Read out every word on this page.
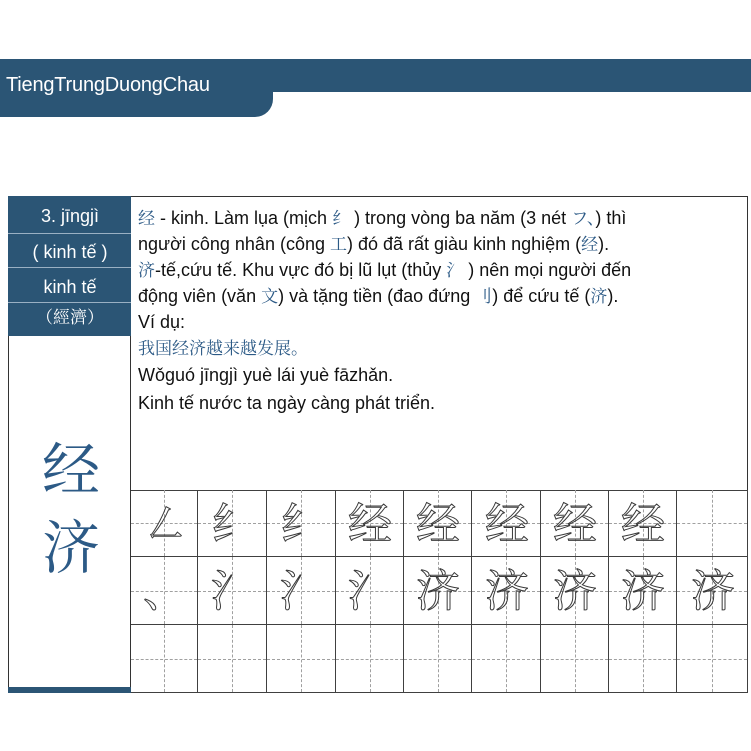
TiengTrungDuongChau
3. jīngjì
( kinh tế )
kinh tế
（經濟）
经
济
经 - kinh. Làm lụa (mịch 纟 ) trong vòng ba năm (3 nét フ、) thì
người công nhân (công 工) đó đã rất giàu kinh nghiệm (经).
济-tế,cứu tế. Khu vực đó bị lũ lụt (thủy 氵 ) nên mọi người đến
động viên (văn 文) và tặng tiền (đao đứng 刂) để cứu tế (济).
Ví dụ:
我国经济越来越发展。
Wǒguó jīngjì yuè lái yuè fāzhǎn.
Kinh tế nước ta ngày càng phát triển.
㇜ 纟 纟 经 经 经 经 经
、 氵 氵 氵 济 济 济 济 济
